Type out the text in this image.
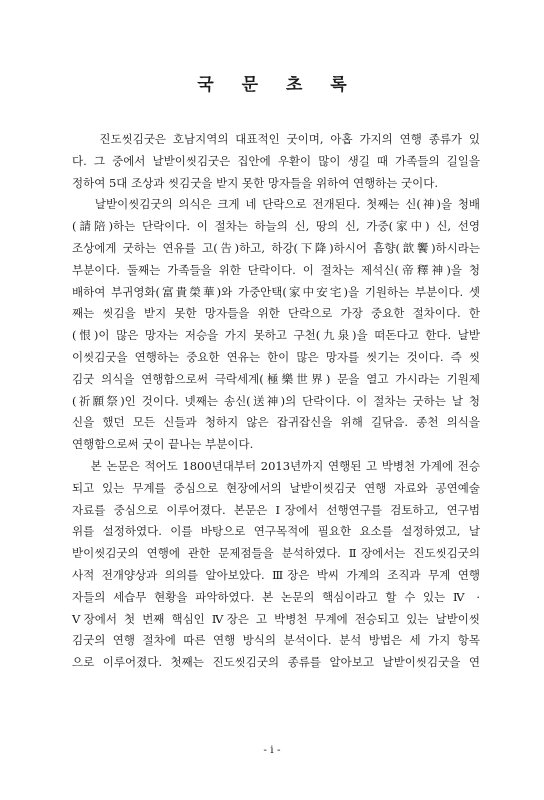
국 문 초 록
진도씻김굿은 호남지역의 대표적인 굿이며, 아홉 가지의 연행 종류가 있
다. 그 중에서 날받이씻김굿은 집안에 우환이 많이 생길 때 가족들의 길일을
정하여 5대 조상과 씻김굿을 받지 못한 망자들을 위하여 연행하는 굿이다.
날받이씻김굿의 의식은 크게 네 단락으로 전개된다. 첫째는 신(神)을 청배
(請陪)하는 단락이다. 이 절차는 하늘의 신, 땅의 신, 가중(家中) 신, 선영
조상에게 굿하는 연유를 고(告)하고, 하강(下降)하시어 흠향(歆饗)하시라는
부분이다. 둘째는 가족들을 위한 단락이다. 이 절차는 제석신(帝釋神)을 청
배하여 부귀영화(富貴榮華)와 가중안택(家中安宅)을 기원하는 부분이다. 셋
째는 씻김을 받지 못한 망자들을 위한 단락으로 가장 중요한 절차이다. 한
(恨)이 많은 망자는 저승을 가지 못하고 구천(九泉)을 떠돈다고 한다. 날받
이씻김굿을 연행하는 중요한 연유는 한이 많은 망자를 씻기는 것이다. 즉 씻
김굿 의식을 연행함으로써 극락세계(極樂世界) 문을 열고 가시라는 기원제
(祈願祭)인 것이다. 넷째는 송신(送神)의 단락이다. 이 절차는 굿하는 날 청
신을 했던 모든 신들과 청하지 않은 잡귀잡신을 위해 길닦음. 종천 의식을
연행함으로써 굿이 끝나는 부분이다.
본 논문은 적어도 1800년대부터 2013년까지 연행된 고 박병천 가계에 전승
되고 있는 무계를 중심으로 현장에서의 날받이씻김굿 연행 자료와 공연예술
자료를 중심으로 이루어졌다. 본문은 Ⅰ장에서 선행연구를 검토하고, 연구범
위를 설정하였다. 이를 바탕으로 연구목적에 필요한 요소를 설정하였고, 날
받이씻김굿의 연행에 관한 문제점들을 분석하였다. Ⅱ장에서는 진도씻김굿의
사적 전개양상과 의의를 알아보았다. Ⅲ장은 박씨 가계의 조직과 무계 연행
자들의 세습무 현황을 파악하였다. 본 논문의 핵심이라고 할 수 있는 Ⅳ ·
Ⅴ장에서 첫 번째 핵심인 Ⅳ장은 고 박병천 무계에 전승되고 있는 날받이씻
김굿의 연행 절차에 따른 연행 방식의 분석이다. 분석 방법은 세 가지 항목
으로 이루어졌다. 첫째는 진도씻김굿의 종류를 알아보고 날받이씻김굿을 연
- i -
